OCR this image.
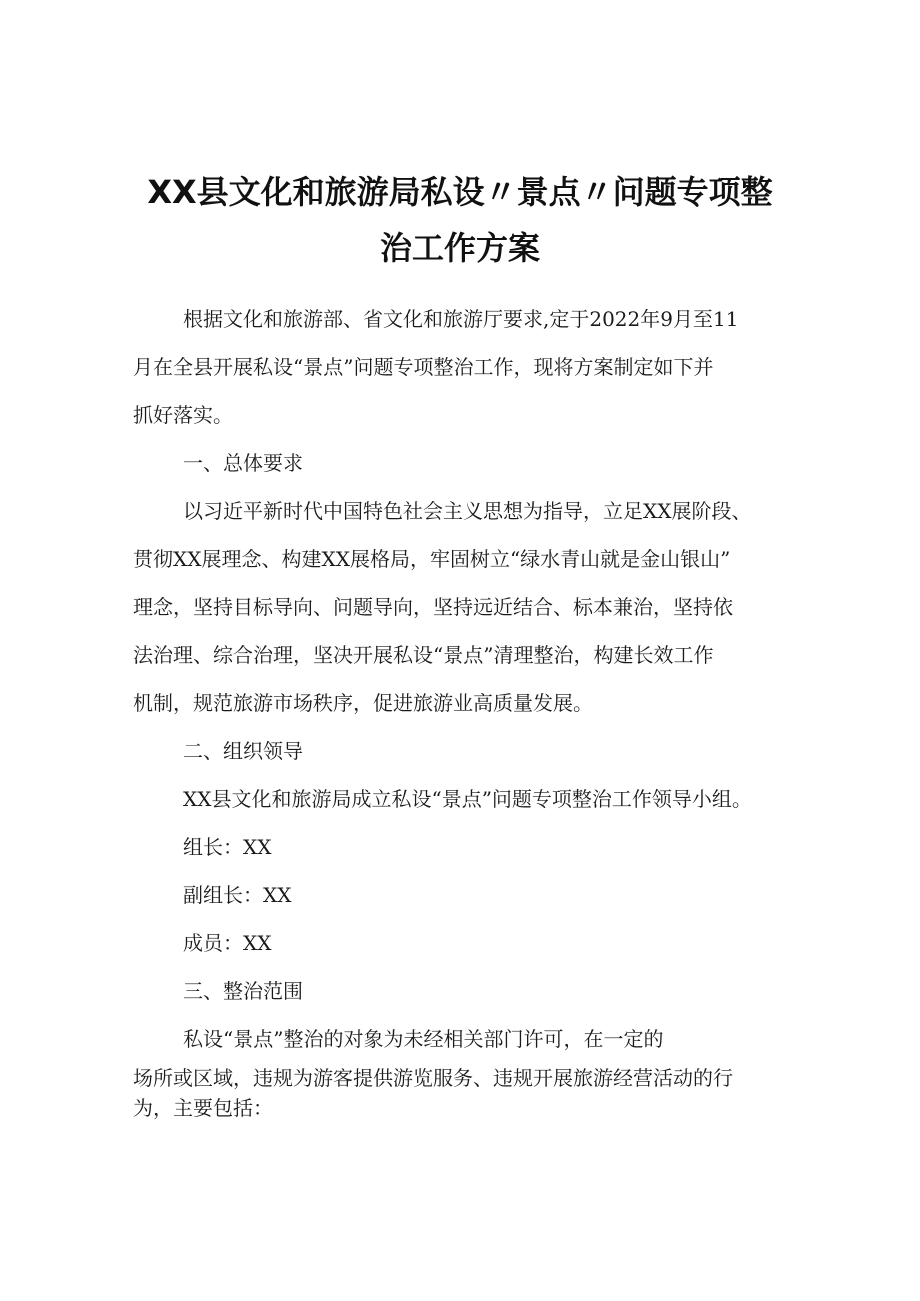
XX县文化和旅游局私设〃景点〃问题专项整
治工作方案
根据文化和旅游部、省文化和旅游厅要求,定于2022年9月至11
月在全县开展私设“景点”问题专项整治工作，现将方案制定如下并
抓好落实。
一、总体要求
以习近平新时代中国特色社会主义思想为指导，立足XX展阶段、
贯彻XX展理念、构建XX展格局，牢固树立“绿水青山就是金山银山”
理念，坚持目标导向、问题导向，坚持远近结合、标本兼治，坚持依
法治理、综合治理，坚决开展私设“景点”清理整治，构建长效工作
机制，规范旅游市场秩序，促进旅游业高质量发展。
二、组织领导
XX县文化和旅游局成立私设“景点”问题专项整治工作领导小组。
组长：XX
副组长：XX
成员：XX
三、整治范围
私设“景点”整治的对象为未经相关部门许可，在一定的
场所或区域，违规为游客提供游览服务、违规开展旅游经营活动的行
为，主要包括：
